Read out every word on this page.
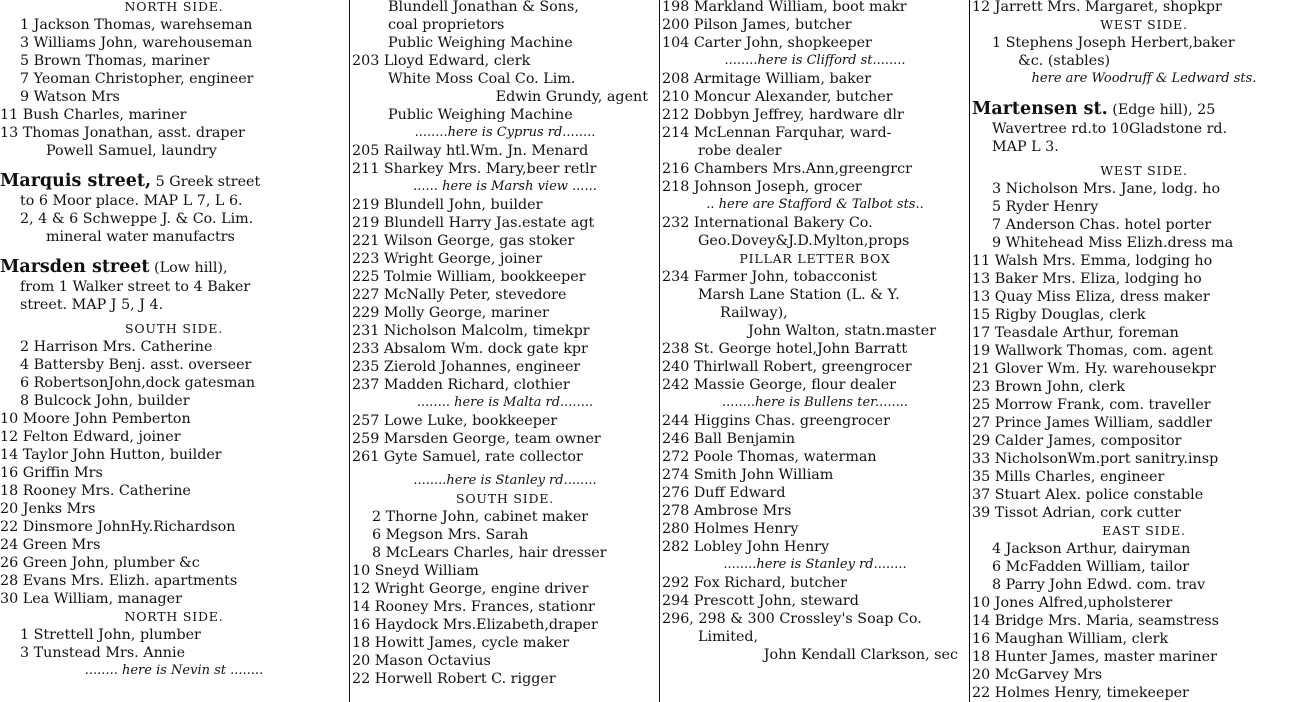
NORTH SIDE.
1 Jackson Thomas, warehseman
3 Williams John, warehouseman
5 Brown Thomas, mariner
7 Yeoman Christopher, engineer
9 Watson Mrs
11 Bush Charles, mariner
13 Thomas Jonathan, asst. draper
Powell Samuel, laundry
Marquis street, 5 Greek street
to 6 Moor place. MAP L 7, L 6.
2, 4 & 6 Schweppe J. & Co. Lim.
mineral water manufactrs
Marsden street (Low hill),
from 1 Walker street to 4 Baker
street. MAP J 5, J 4.
SOUTH SIDE.
2 Harrison Mrs. Catherine
4 Battersby Benj. asst. overseer
6 RobertsonJohn,dock gatesman
8 Bulcock John, builder
10 Moore John Pemberton
12 Felton Edward, joiner
14 Taylor John Hutton, builder
16 Griffin Mrs
18 Rooney Mrs. Catherine
20 Jenks Mrs
22 Dinsmore JohnHy.Richardson
24 Green Mrs
26 Green John, plumber &c
28 Evans Mrs. Elizh. apartments
30 Lea William, manager
NORTH SIDE.
1 Strettell John, plumber
3 Tunstead Mrs. Annie
........ here is Nevin st ........
Blundell Jonathan & Sons,
coal proprietors
Public Weighing Machine
203 Lloyd Edward, clerk
White Moss Coal Co. Lim.
Edwin Grundy, agent
Public Weighing Machine
........here is Cyprus rd........
205 Railway htl.Wm. Jn. Menard
211 Sharkey Mrs. Mary,beer retlr
...... here is Marsh view ......
219 Blundell John, builder
219 Blundell Harry Jas.estate agt
221 Wilson George, gas stoker
223 Wright George, joiner
225 Tolmie William, bookkeeper
227 McNally Peter, stevedore
229 Molly George, mariner
231 Nicholson Malcolm, timekpr
233 Absalom Wm. dock gate kpr
235 Zierold Johannes, engineer
237 Madden Richard, clothier
........ here is Malta rd........
257 Lowe Luke, bookkeeper
259 Marsden George, team owner
261 Gyte Samuel, rate collector
........here is Stanley rd........
SOUTH SIDE.
2 Thorne John, cabinet maker
6 Megson Mrs. Sarah
8 McLears Charles, hair dresser
10 Sneyd William
12 Wright George, engine driver
14 Rooney Mrs. Frances, stationr
16 Haydock Mrs.Elizabeth,draper
18 Howitt James, cycle maker
20 Mason Octavius
22 Horwell Robert C. rigger
198 Markland William, boot makr
200 Pilson James, butcher
104 Carter John, shopkeeper
........here is Clifford st........
208 Armitage William, baker
210 Moncur Alexander, butcher
212 Dobbyn Jeffrey, hardware dlr
214 McLennan Farquhar, ward-
robe dealer
216 Chambers Mrs.Ann,greengrcr
218 Johnson Joseph, grocer
.. here are Stafford & Talbot sts..
232 International Bakery Co.
Geo.Dovey&J.D.Mylton,props
PILLAR LETTER BOX
234 Farmer John, tobacconist
Marsh Lane Station (L. & Y.
Railway),
John Walton, statn.master
238 St. George hotel,John Barratt
240 Thirlwall Robert, greengrocer
242 Massie George, flour dealer
........here is Bullens ter........
244 Higgins Chas. greengrocer
246 Ball Benjamin
272 Poole Thomas, waterman
274 Smith John William
276 Duff Edward
278 Ambrose Mrs
280 Holmes Henry
282 Lobley John Henry
........here is Stanley rd........
292 Fox Richard, butcher
294 Prescott John, steward
296, 298 & 300 Crossley's Soap Co.
Limited,
John Kendall Clarkson, sec
12 Jarrett Mrs. Margaret, shopkpr
WEST SIDE.
1 Stephens Joseph Herbert,baker
&c. (stables)
here are Woodruff & Ledward sts.
Martensen st. (Edge hill), 25
Wavertree rd.to 10Gladstone rd.
MAP L 3.
WEST SIDE.
3 Nicholson Mrs. Jane, lodg. ho
5 Ryder Henry
7 Anderson Chas. hotel porter
9 Whitehead Miss Elizh.dress ma
11 Walsh Mrs. Emma, lodging ho
13 Baker Mrs. Eliza, lodging ho
13 Quay Miss Eliza, dress maker
15 Rigby Douglas, clerk
17 Teasdale Arthur, foreman
19 Wallwork Thomas, com. agent
21 Glover Wm. Hy. warehousekpr
23 Brown John, clerk
25 Morrow Frank, com. traveller
27 Prince James William, saddler
29 Calder James, compositor
33 NicholsonWm.port sanitry.insp
35 Mills Charles, engineer
37 Stuart Alex. police constable
39 Tissot Adrian, cork cutter
EAST SIDE.
4 Jackson Arthur, dairyman
6 McFadden William, tailor
8 Parry John Edwd. com. trav
10 Jones Alfred,upholsterer
14 Bridge Mrs. Maria, seamstress
16 Maughan William, clerk
18 Hunter James, master mariner
20 McGarvey Mrs
22 Holmes Henry, timekeeper
